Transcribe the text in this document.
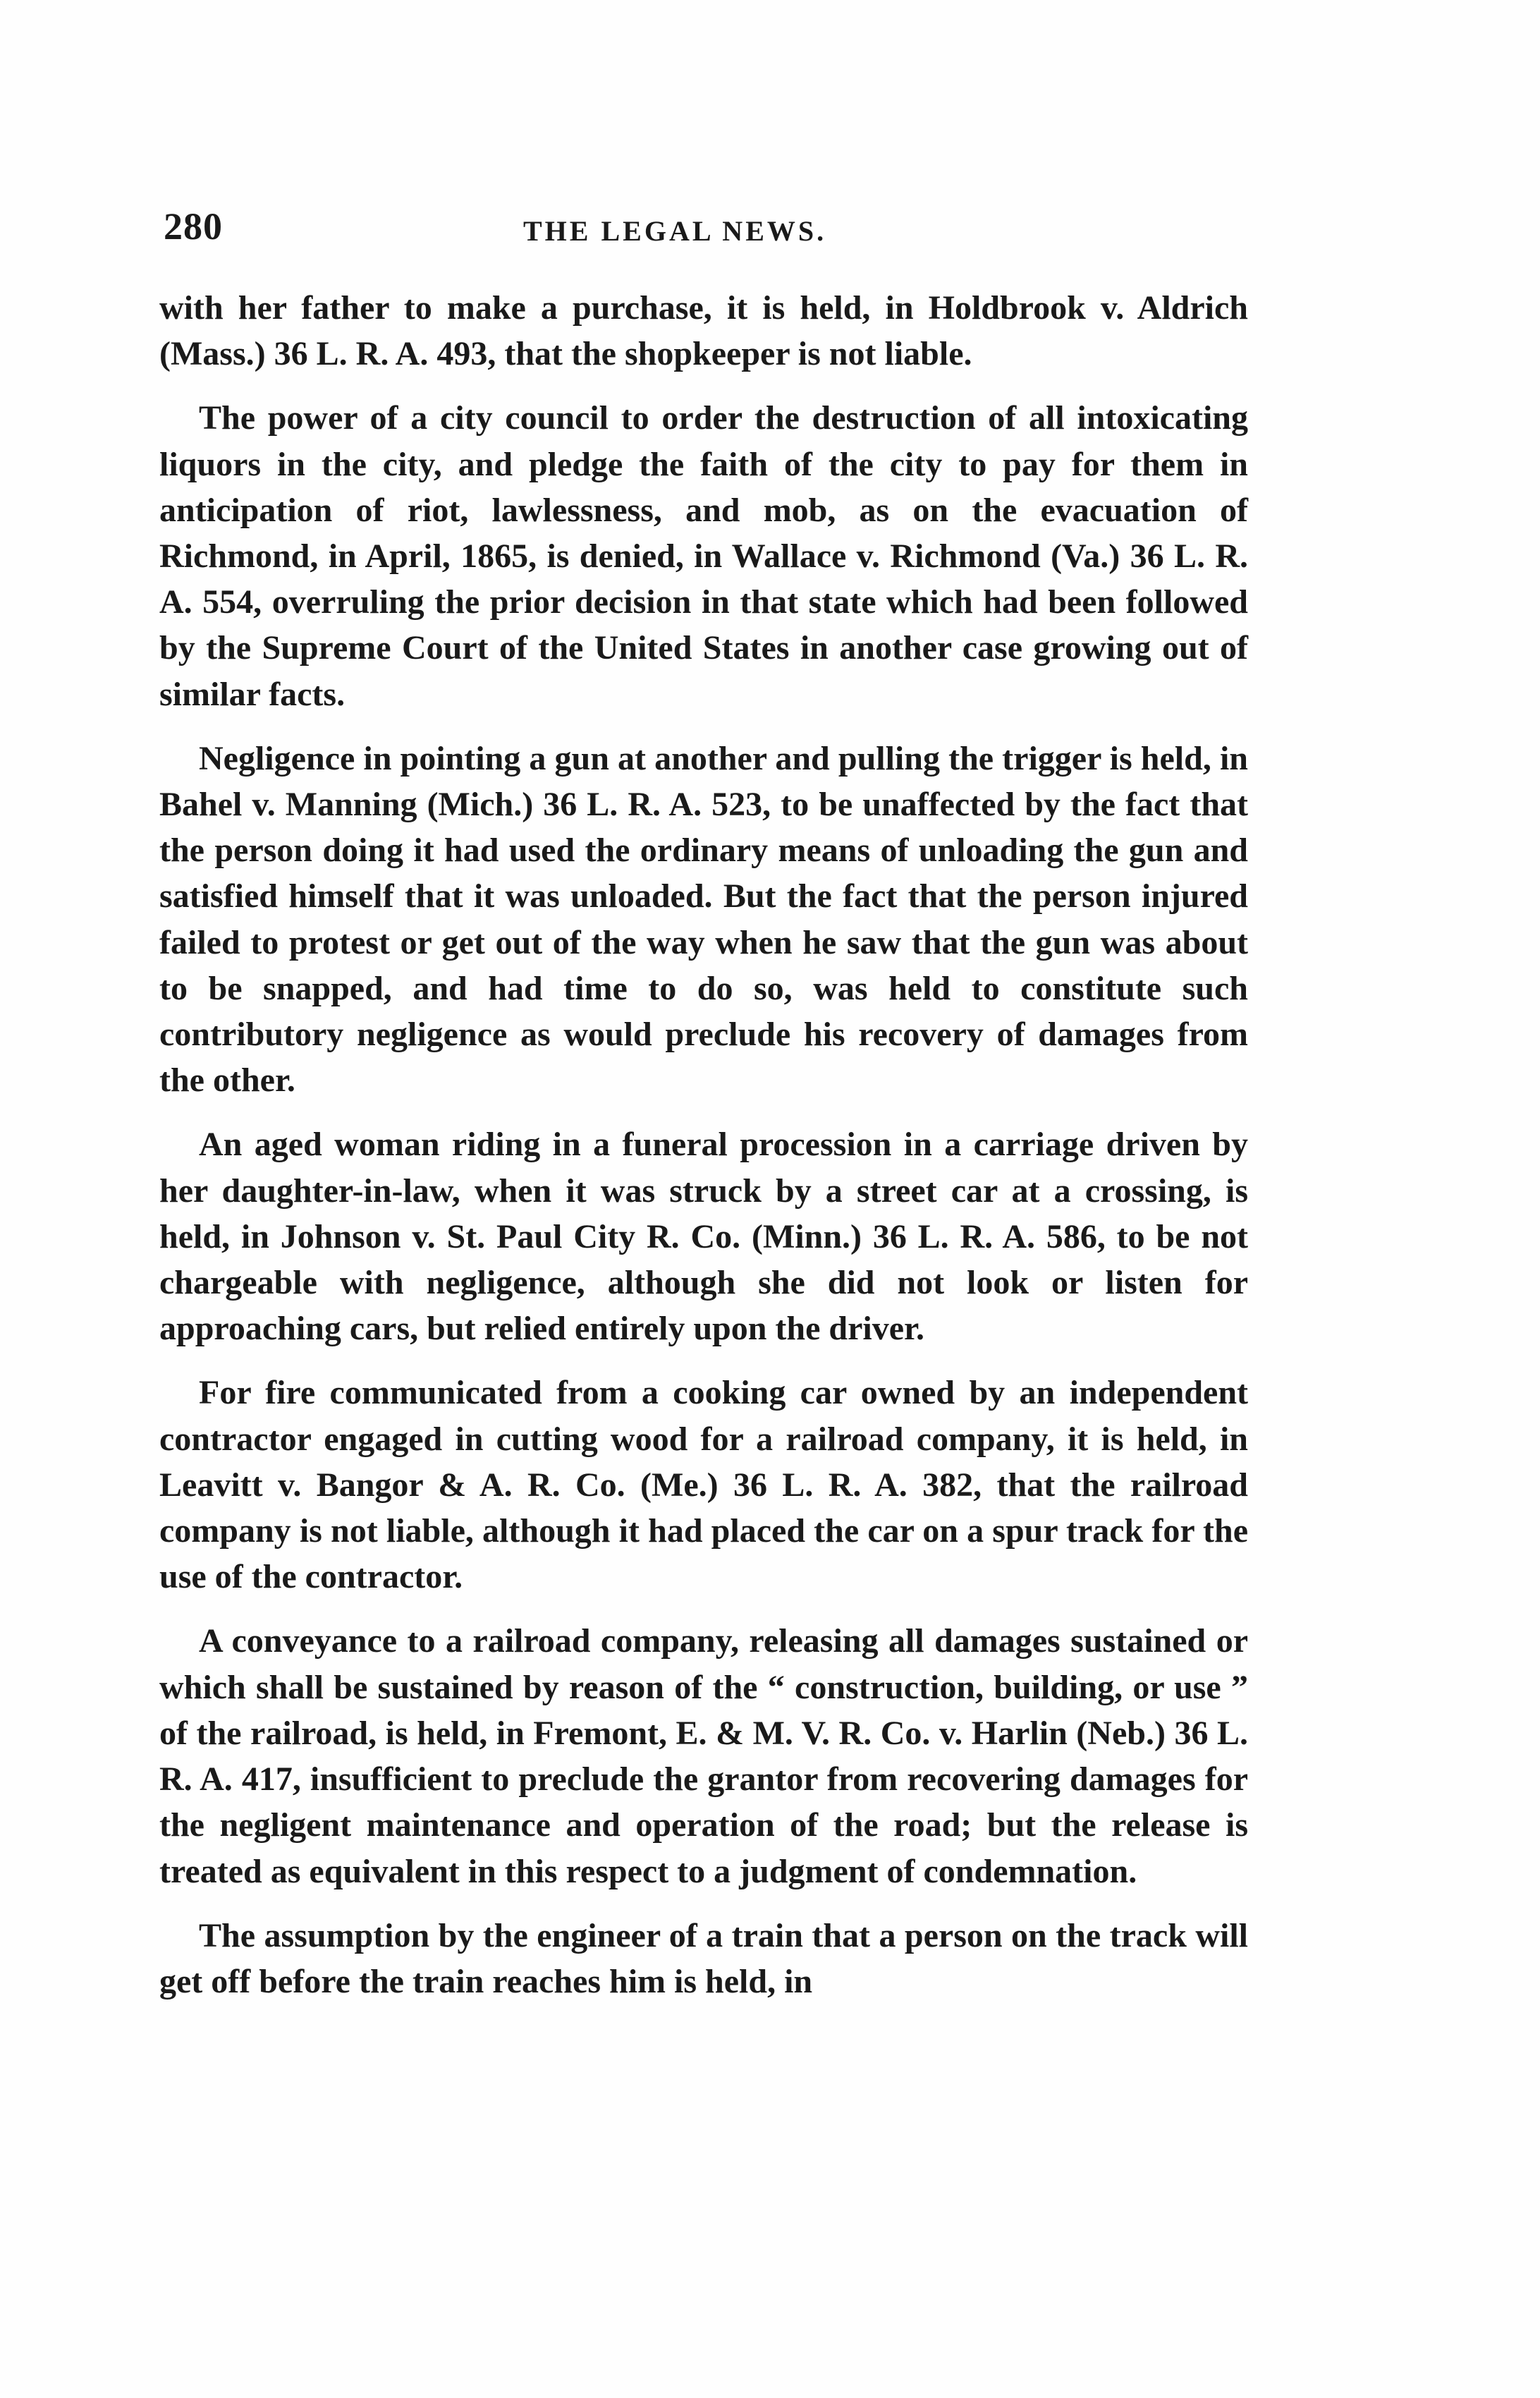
280	THE LEGAL NEWS.

with her father to make a purchase, it is held, in Holdbrook v. Aldrich (Mass.) 36 L. R. A. 493, that the shopkeeper is not liable.

The power of a city council to order the destruction of all intoxicating liquors in the city, and pledge the faith of the city to pay for them in anticipation of riot, lawlessness, and mob, as on the evacuation of Richmond, in April, 1865, is denied, in Wallace v. Richmond (Va.) 36 L. R. A. 554, overruling the prior decision in that state which had been followed by the Supreme Court of the United States in another case growing out of similar facts.

Negligence in pointing a gun at another and pulling the trigger is held, in Bahel v. Manning (Mich.) 36 L. R. A. 523, to be unaffected by the fact that the person doing it had used the ordinary means of unloading the gun and satisfied himself that it was unloaded. But the fact that the person injured failed to protest or get out of the way when he saw that the gun was about to be snapped, and had time to do so, was held to constitute such contributory negligence as would preclude his recovery of damages from the other.

An aged woman riding in a funeral procession in a carriage driven by her daughter-in-law, when it was struck by a street car at a crossing, is held, in Johnson v. St. Paul City R. Co. (Minn.) 36 L. R. A. 586, to be not chargeable with negligence, although she did not look or listen for approaching cars, but relied entirely upon the driver.

For fire communicated from a cooking car owned by an independent contractor engaged in cutting wood for a railroad company, it is held, in Leavitt v. Bangor & A. R. Co. (Me.) 36 L. R. A. 382, that the railroad company is not liable, although it had placed the car on a spur track for the use of the contractor.

A conveyance to a railroad company, releasing all damages sustained or which shall be sustained by reason of the “ construction, building, or use ” of the railroad, is held, in Fremont, E. & M. V. R. Co. v. Harlin (Neb.) 36 L. R. A. 417, insufficient to preclude the grantor from recovering damages for the negligent maintenance and operation of the road; but the release is treated as equivalent in this respect to a judgment of condemnation.

The assumption by the engineer of a train that a person on the track will get off before the train reaches him is held, in
